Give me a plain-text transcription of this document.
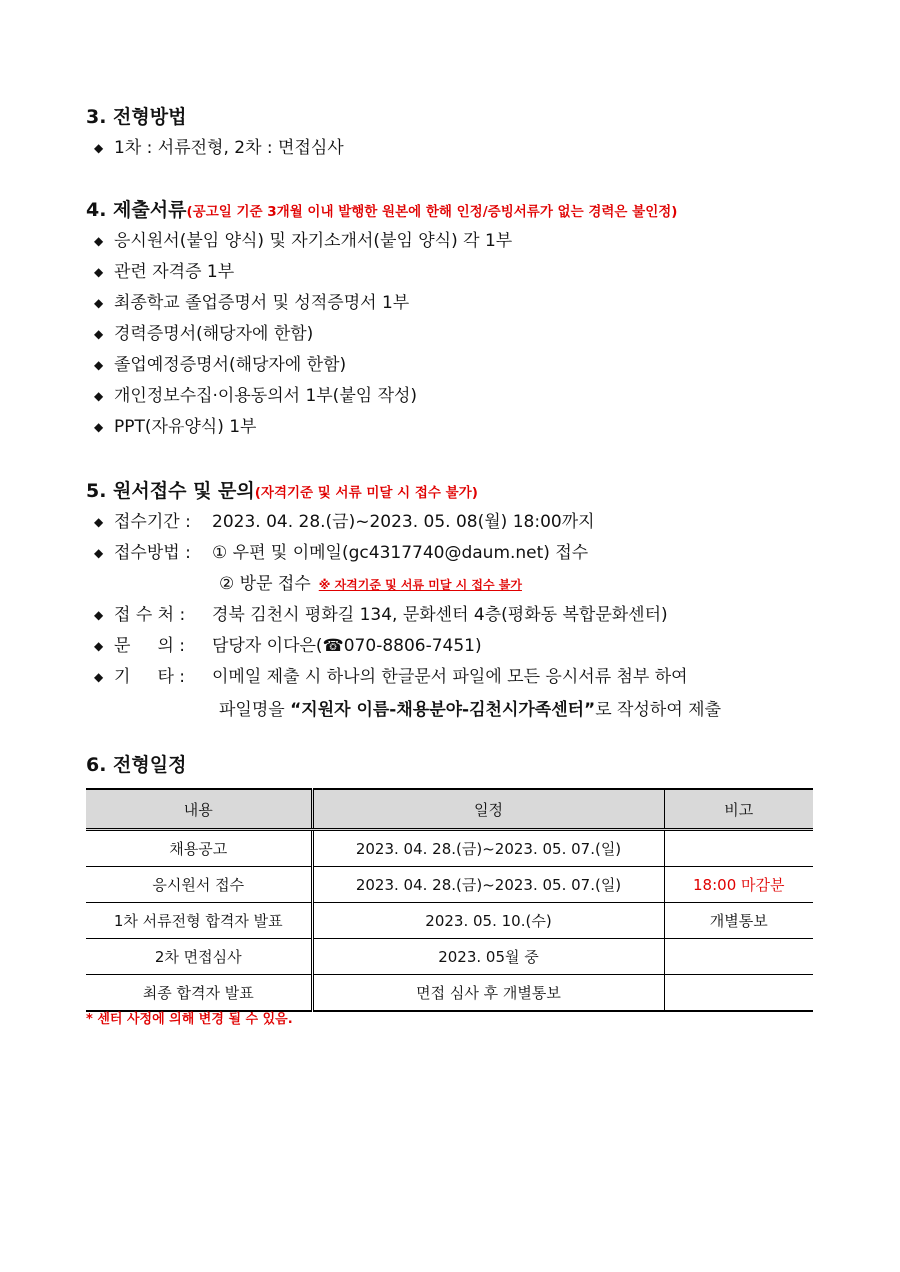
3. 전형방법
◆ 1차 : 서류전형, 2차 : 면접심사
4. 제출서류(공고일 기준 3개월 이내 발행한 원본에 한해 인정/증빙서류가 없는 경력은 불인정)
◆ 응시원서(붙임 양식) 및 자기소개서(붙임 양식) 각 1부
◆ 관련 자격증 1부
◆ 최종학교 졸업증명서 및 성적증명서 1부
◆ 경력증명서(해당자에 한함)
◆ 졸업예정증명서(해당자에 한함)
◆ 개인정보수집·이용동의서 1부(붙임 작성)
◆ PPT(자유양식) 1부
5. 원서접수 및 문의(자격기준 및 서류 미달 시 접수 불가)
◆ 접수기간 : 2023. 04. 28.(금)~2023. 05. 08(월) 18:00까지
◆ 접수방법 : ① 우편 및 이메일(gc4317740@daum.net) 접수
② 방문 접수 ※ 자격기준 및 서류 미달 시 접수 불가
◆ 접 수 처 : 경북 김천시 평화길 134, 문화센터 4층(평화동 복합문화센터)
◆ 문     의 : 담당자 이다은(☎070-8806-7451)
◆ 기     타 : 이메일 제출 시 하나의 한글문서 파일에 모든 응시서류 첨부 하여
파일명을 “지원자 이름-채용분야-김천시가족센터”로 작성하여 제출
6. 전형일정
내용	일정	비고
채용공고	2023. 04. 28.(금)~2023. 05. 07.(일)	
응시원서 접수	2023. 04. 28.(금)~2023. 05. 07.(일)	18:00 마감분
1차 서류전형 합격자 발표	2023. 05. 10.(수)	개별통보
2차 면접심사	2023. 05월 중	
최종 합격자 발표	면접 심사 후 개별통보	
* 센터 사정에 의해 변경 될 수 있음.
